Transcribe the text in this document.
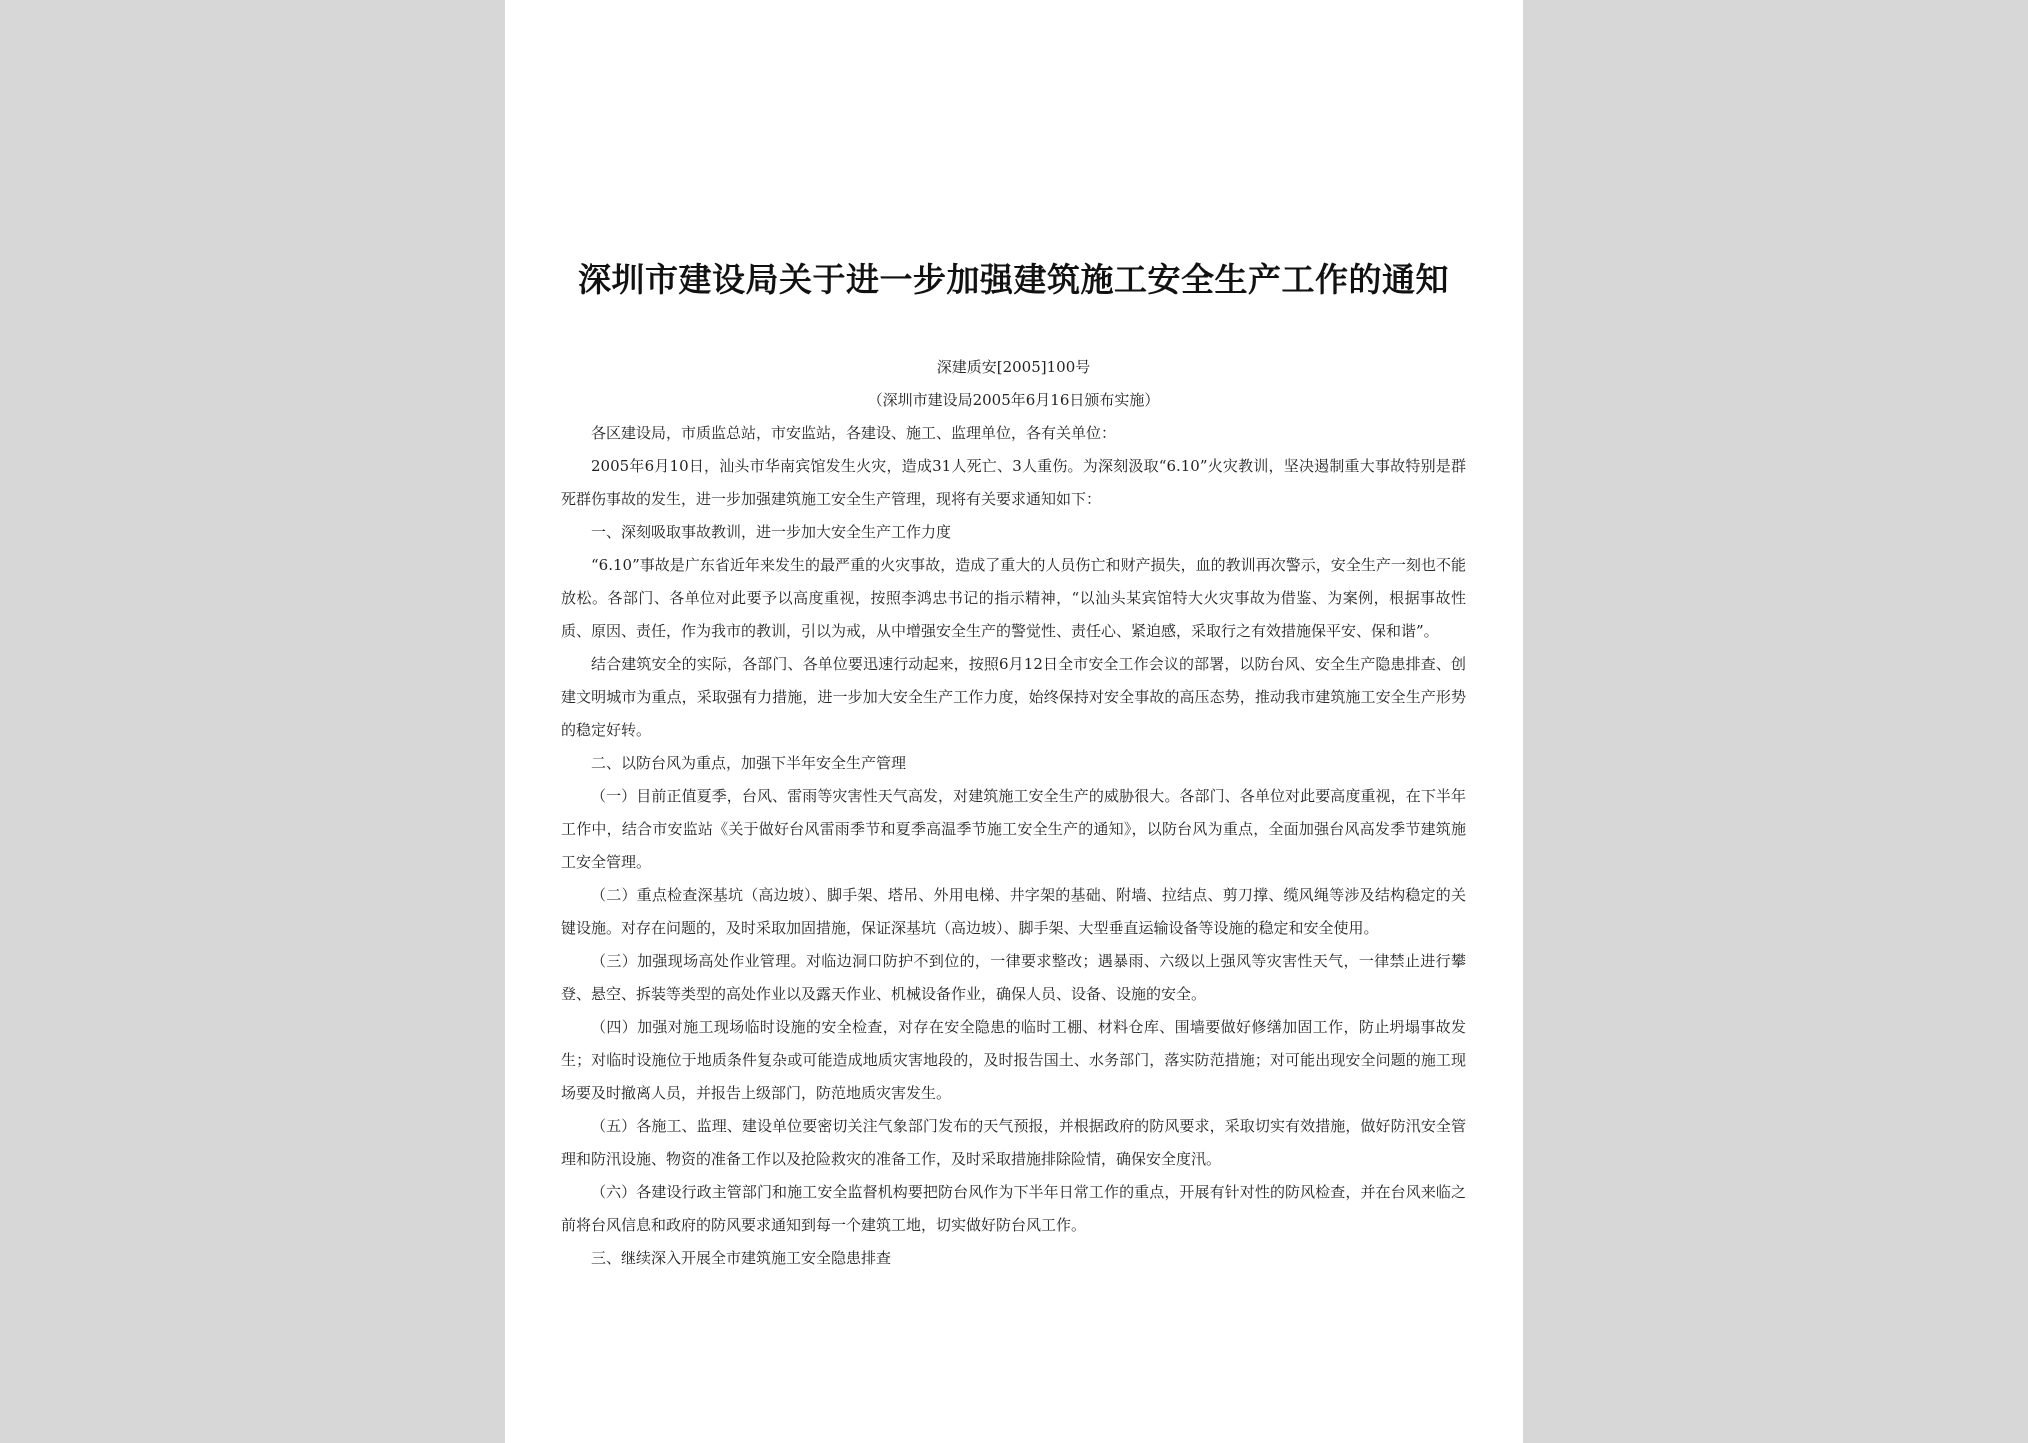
深圳市建设局关于进一步加强建筑施工安全生产工作的通知
深建质安[2005]100号
（深圳市建设局2005年6月16日颁布实施）

各区建设局，市质监总站，市安监站，各建设、施工、监理单位，各有关单位：

2005年6月10日，汕头市华南宾馆发生火灾，造成31人死亡、3人重伤。为深刻汲取“6.10”火灾教训，坚决遏制重大事故特别是群死群伤事故的发生，进一步加强建筑施工安全生产管理，现将有关要求通知如下：

一、深刻吸取事故教训，进一步加大安全生产工作力度

“6.10”事故是广东省近年来发生的最严重的火灾事故，造成了重大的人员伤亡和财产损失，血的教训再次警示，安全生产一刻也不能放松。各部门、各单位对此要予以高度重视，按照李鸿忠书记的指示精神，“以汕头某宾馆特大火灾事故为借鉴、为案例，根据事故性质、原因、责任，作为我市的教训，引以为戒，从中增强安全生产的警觉性、责任心、紧迫感，采取行之有效措施保平安、保和谐”。

结合建筑安全的实际，各部门、各单位要迅速行动起来，按照6月12日全市安全工作会议的部署，以防台风、安全生产隐患排查、创建文明城市为重点，采取强有力措施，进一步加大安全生产工作力度，始终保持对安全事故的高压态势，推动我市建筑施工安全生产形势的稳定好转。

二、以防台风为重点，加强下半年安全生产管理

（一）目前正值夏季，台风、雷雨等灾害性天气高发，对建筑施工安全生产的威胁很大。各部门、各单位对此要高度重视，在下半年工作中，结合市安监站《关于做好台风雷雨季节和夏季高温季节施工安全生产的通知》，以防台风为重点，全面加强台风高发季节建筑施工安全管理。

（二）重点检查深基坑（高边坡）、脚手架、塔吊、外用电梯、井字架的基础、附墙、拉结点、剪刀撑、缆风绳等涉及结构稳定的关键设施。对存在问题的，及时采取加固措施，保证深基坑（高边坡）、脚手架、大型垂直运输设备等设施的稳定和安全使用。

（三）加强现场高处作业管理。对临边洞口防护不到位的，一律要求整改；遇暴雨、六级以上强风等灾害性天气，一律禁止进行攀登、悬空、拆装等类型的高处作业以及露天作业、机械设备作业，确保人员、设备、设施的安全。

（四）加强对施工现场临时设施的安全检查，对存在安全隐患的临时工棚、材料仓库、围墙要做好修缮加固工作，防止坍塌事故发生；对临时设施位于地质条件复杂或可能造成地质灾害地段的，及时报告国土、水务部门，落实防范措施；对可能出现安全问题的施工现场要及时撤离人员，并报告上级部门，防范地质灾害发生。

（五）各施工、监理、建设单位要密切关注气象部门发布的天气预报，并根据政府的防风要求，采取切实有效措施，做好防汛安全管理和防汛设施、物资的准备工作以及抢险救灾的准备工作，及时采取措施排除险情，确保安全度汛。

（六）各建设行政主管部门和施工安全监督机构要把防台风作为下半年日常工作的重点，开展有针对性的防风检查，并在台风来临之前将台风信息和政府的防风要求通知到每一个建筑工地，切实做好防台风工作。

三、继续深入开展全市建筑施工安全隐患排查
